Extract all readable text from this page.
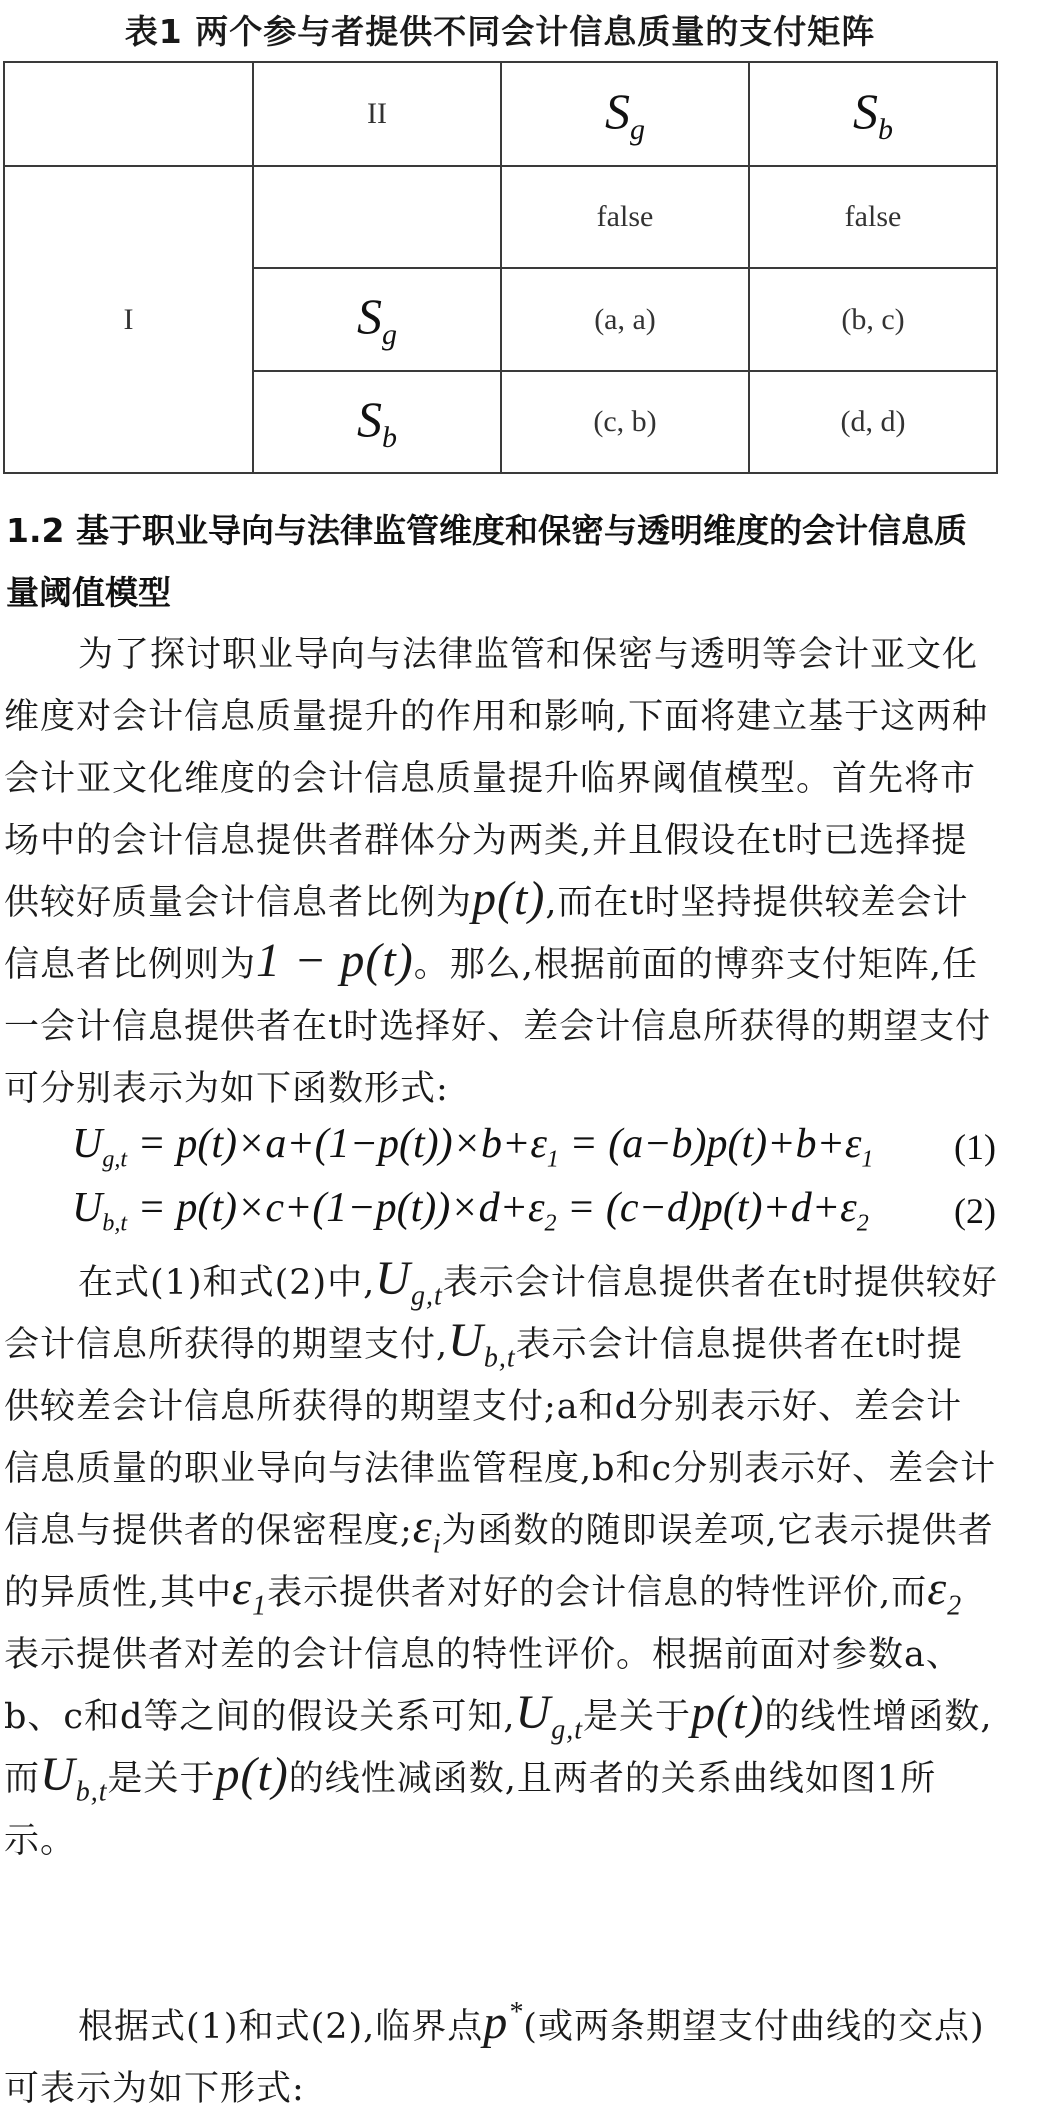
表1 两个参与者提供不同会计信息质量的支付矩阵
	II	$S_g$	$S_b$
I		false	false
	$S_g$	(a, a)	(b, c)
	$S_b$	(c, b)	(d, d)
1.2 基于职业导向与法律监管维度和保密与透明维度的会计信息质量阈值模型
为了探讨职业导向与法律监管和保密与透明等会计亚文化维度对会计信息质量提升的作用和影响,下面将建立基于这两种会计亚文化维度的会计信息质量提升临界阈值模型。首先将市场中的会计信息提供者群体分为两类,并且假设在t时已选择提供较好质量会计信息者比例为p(t),而在t时坚持提供较差会计信息者比例则为1 − p(t)。那么,根据前面的博弈支付矩阵,任一会计信息提供者在t时选择好、差会计信息所获得的期望支付可分别表示为如下函数形式:
$U_{g,t} = p(t)\times a+(1-p(t))\times b+\varepsilon_1 = (a-b)p(t)+b+\varepsilon_1$ (1)
$U_{b,t} = p(t)\times c+(1-p(t))\times d+\varepsilon_2 = (c-d)p(t)+d+\varepsilon_2$ (2)
在式(1)和式(2)中$,U_{g,t}$表示会计信息提供者在t时提供较好会计信息所获得的期望支付$,U_{b,t}$表示会计信息提供者在t时提供较差会计信息所获得的期望支付;a和d分别表示好、差会计信息质量的职业导向与法律监管程度,b和c分别表示好、差会计信息与提供者的保密程度$;\varepsilon_i$为函数的随即误差项,它表示提供者的异质性,其中$\varepsilon_1$表示提供者对好的会计信息的特性评价,而$\varepsilon_2$表示提供者对差的会计信息的特性评价。根据前面对参数a、b、c和d等之间的假设关系可知$,U_{g,t}$是关于p(t)的线性增函数,而$U_{b,t}$是关于p(t)的线性减函数,且两者的关系曲线如图1所示。
根据式(1)和式(2),临界点p*(或两条期望支付曲线的交点)可表示为如下形式:
